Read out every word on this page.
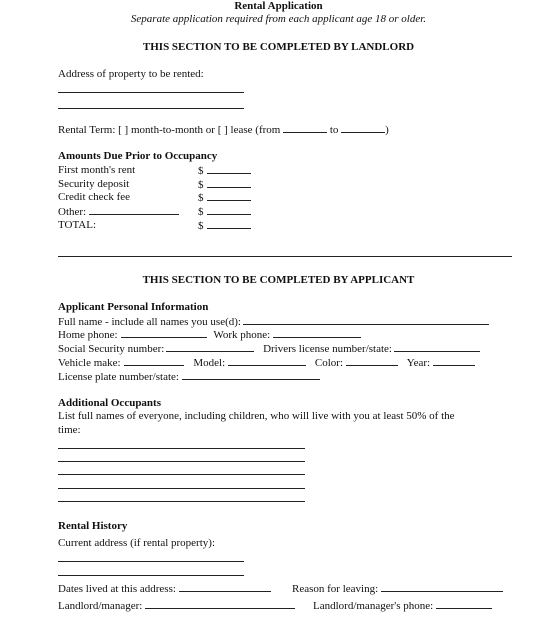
Rental Application
Separate application required from each applicant age 18 or older.
THIS SECTION TO BE COMPLETED BY LANDLORD
Address of property to be rented:
Rental Term: [ ] month-to-month or [ ] lease (from	to	)
Amounts Due Prior to Occupancy
First month's rent	$
Security deposit	$
Credit check fee	$
Other:	$
TOTAL:	$
THIS SECTION TO BE COMPLETED BY APPLICANT
Applicant Personal Information
Full name - include all names you use(d):
Home phone:	Work phone:
Social Security number:	Drivers license number/state:
Vehicle make:	Model:	Color:	Year:
License plate number/state:
Additional Occupants
List full names of everyone, including children, who will live with you at least 50% of the
time:
Rental History
Current address (if rental property):
Dates lived at this address:	Reason for leaving:
Landlord/manager:	Landlord/manager's phone:
